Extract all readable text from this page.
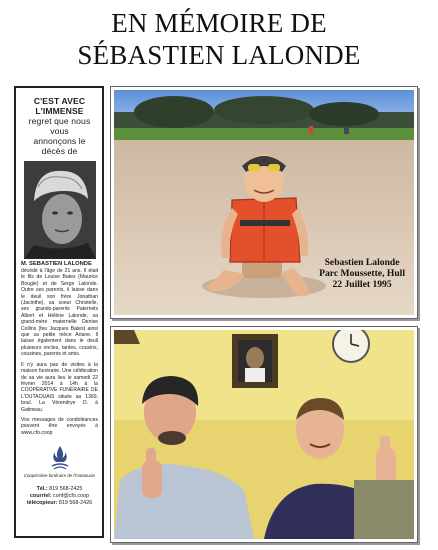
EN MÉMOIRE DE
SÉBASTIEN LALONDE
C'EST AVEC
L'IMMENSE
regret que nous vous
annonçons le décès de
M. SEBASTIEN LALONDE

décédé à l'âge de 21 ans. Il était le fils de Louise Bates (Maurice Bougie) et de Serge Lalonde. Outre ses parents, il laisse dans le deuil son frère Jonathan (Jacinthe), sa soeur Christelle, ses grands-parents Paternels Albert et Hélène Lalonde, sa grand-mère maternelle Denise Collins (feu Jacques Bates) ainsi que sa petite nièce Ariane. Il laisse également dans le deuil plusieurs oncles, tantes, cousins, cousines, parents et amis.

Il n'y aura pas de visites à la maison funéraire. Une célébration de sa vie aura lieu le samedi 22 février 2014 à 14h à la COOPÉRATIVE FUNÉRAIRE DE L'OUTAOUAIS située au 1369, boul. La Vérendrye O. à Gatineau.

Vos messages de condoléances peuvent être envoyés à www.cfo.coop

Coopérative funéraire de l'Outaouais
Tél.: 819 568-2425
courriel: conf@cfo.coop
télécopieur: 819 568-2426
Sebastien Lalonde
Parc Moussette, Hull
22 Juillet 1995
